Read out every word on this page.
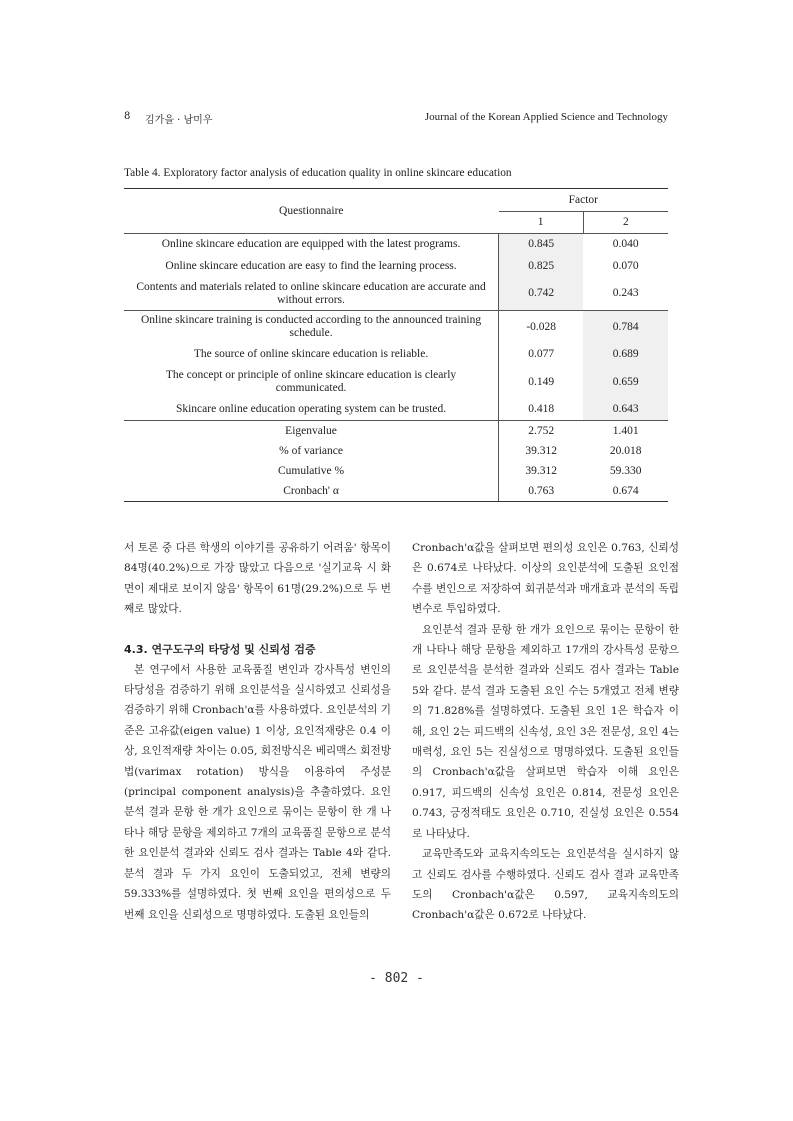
8 김가을 · 남미우	Journal of the Korean Applied Science and Technology
Table 4. Exploratory factor analysis of education quality in online skincare education
Questionnaire	Factor	
	1	2
Online skincare education are equipped with the latest programs.	0.845	0.040
Online skincare education are easy to find the learning process.	0.825	0.070
Contents and materials related to online skincare education are accurate and without errors.	0.742	0.243
Online skincare training is conducted according to the announced training schedule.	-0.028	0.784
The source of online skincare education is reliable.	0.077	0.689
The concept or principle of online skincare education is clearly communicated.	0.149	0.659
Skincare online education operating system can be trusted.	0.418	0.643
Eigenvalue	2.752	1.401
% of variance	39.312	20.018
Cumulative %	39.312	59.330
Cronbach' α	0.763	0.674

서 토론 중 다른 학생의 이야기를 공유하기 어려움' 항목이 84명(40.2%)으로 가장 많았고 다음으로 '실기교육 시 화면이 제대로 보이지 않음' 항목이 61명(29.2%)으로 두 번째로 많았다.

4.3. 연구도구의 타당성 및 신뢰성 검증

본 연구에서 사용한 교육품질 변인과 강사특성 변인의 타당성을 검증하기 위해 요인분석을 실시하였고 신뢰성을 검증하기 위해 Cronbach'α를 사용하였다. 요인분석의 기준은 고유값(eigen value) 1 이상, 요인적재량은 0.4 이상, 요인적재량 차이는 0.05, 회전방식은 베리맥스 회전방법(varimax rotation) 방식을 이용하여 주성분(principal component analysis)을 추출하였다. 요인분석 결과 문항 한 개가 요인으로 묶이는 문항이 한 개 나타나 해당 문항을 제외하고 7개의 교육품질 문항으로 분석한 요인분석 결과와 신뢰도 검사 결과는 Table 4와 같다. 분석 결과 두 가지 요인이 도출되었고, 전체 변량의 59.333%를 설명하였다. 첫 번째 요인을 편의성으로 두 번째 요인을 신뢰성으로 명명하였다. 도출된 요인들의

Cronbach'α값을 살펴보면 편의성 요인은 0.763, 신뢰성은 0.674로 나타났다. 이상의 요인분석에 도출된 요인점수를 변인으로 저장하여 회귀분석과 매개효과 분석의 독립변수로 투입하였다.

요인분석 결과 문항 한 개가 요인으로 묶이는 문항이 한 개 나타나 해당 문항을 제외하고 17개의 강사특성 문항으로 요인분석을 분석한 결과와 신뢰도 검사 결과는 Table 5와 같다. 분석 결과 도출된 요인 수는 5개였고 전체 변량의 71.828%를 설명하였다. 도출된 요인 1은 학습자 이해, 요인 2는 피드백의 신속성, 요인 3은 전문성, 요인 4는 매력성, 요인 5는 진실성으로 명명하였다. 도출된 요인들의 Cronbach'α값을 살펴보면 학습자 이해 요인은 0.917, 피드백의 신속성 요인은 0.814, 전문성 요인은 0.743, 긍정적태도 요인은 0.710, 진실성 요인은 0.554로 나타났다.

교육만족도와 교육지속의도는 요인분석을 실시하지 않고 신뢰도 검사를 수행하였다. 신뢰도 검사 결과 교육만족도의 Cronbach'α값은 0.597, 교육지속의도의 Cronbach'α값은 0.672로 나타났다.

- 802 -
